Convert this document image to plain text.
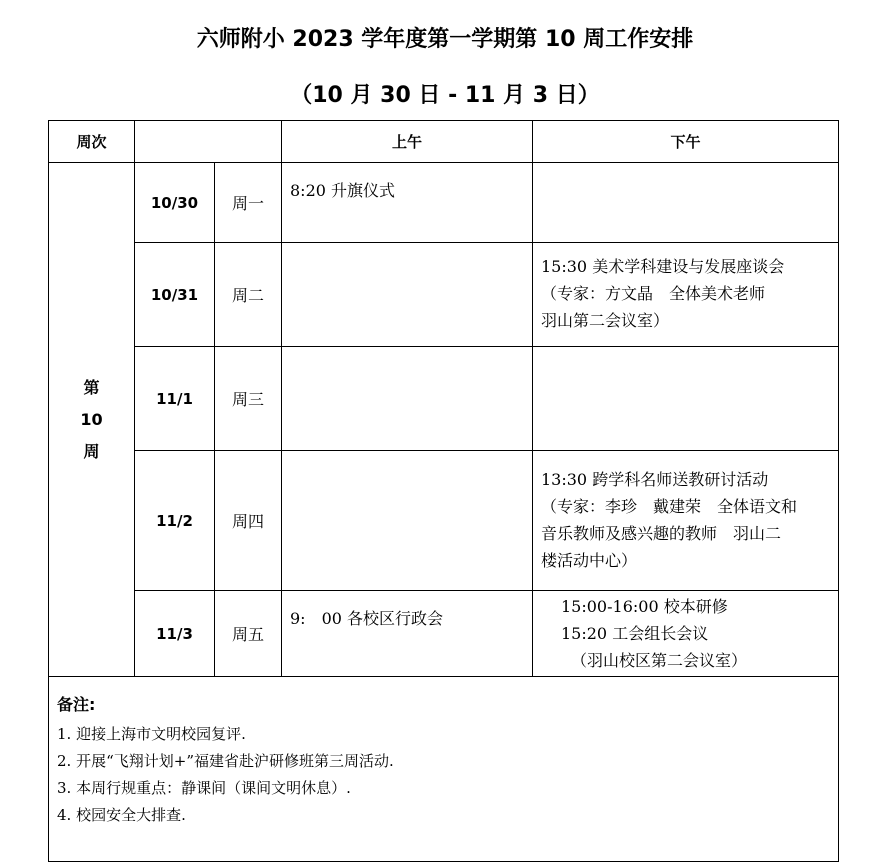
六师附小 2023 学年度第一学期第 10 周工作安排
（10 月 30 日 - 11 月 3 日）
周次			上午	下午

第
10
周	10/30	周一	8:20 升旗仪式	

	10/31	周二		15:30 美术学科建设与发展座谈会
（专家：方文晶　全体美术老师
羽山第二会议室）

	11/1	周三		
	11/2	周四		13:30 跨学科名师送教研讨活动
（专家：李珍　戴建荣　全体语文和
音乐教师及感兴趣的教师　羽山二
楼活动中心）

	11/3	周五	9:　00 各校区行政会	15:00-16:00 校本研修
15:20 工会组长会议
（羽山校区第二会议室）

备注:
1. 迎接上海市文明校园复评.
2. 开展“飞翔计划+”福建省赴沪研修班第三周活动.
3. 本周行规重点：静课间（课间文明休息）.
4. 校园安全大排查.				
